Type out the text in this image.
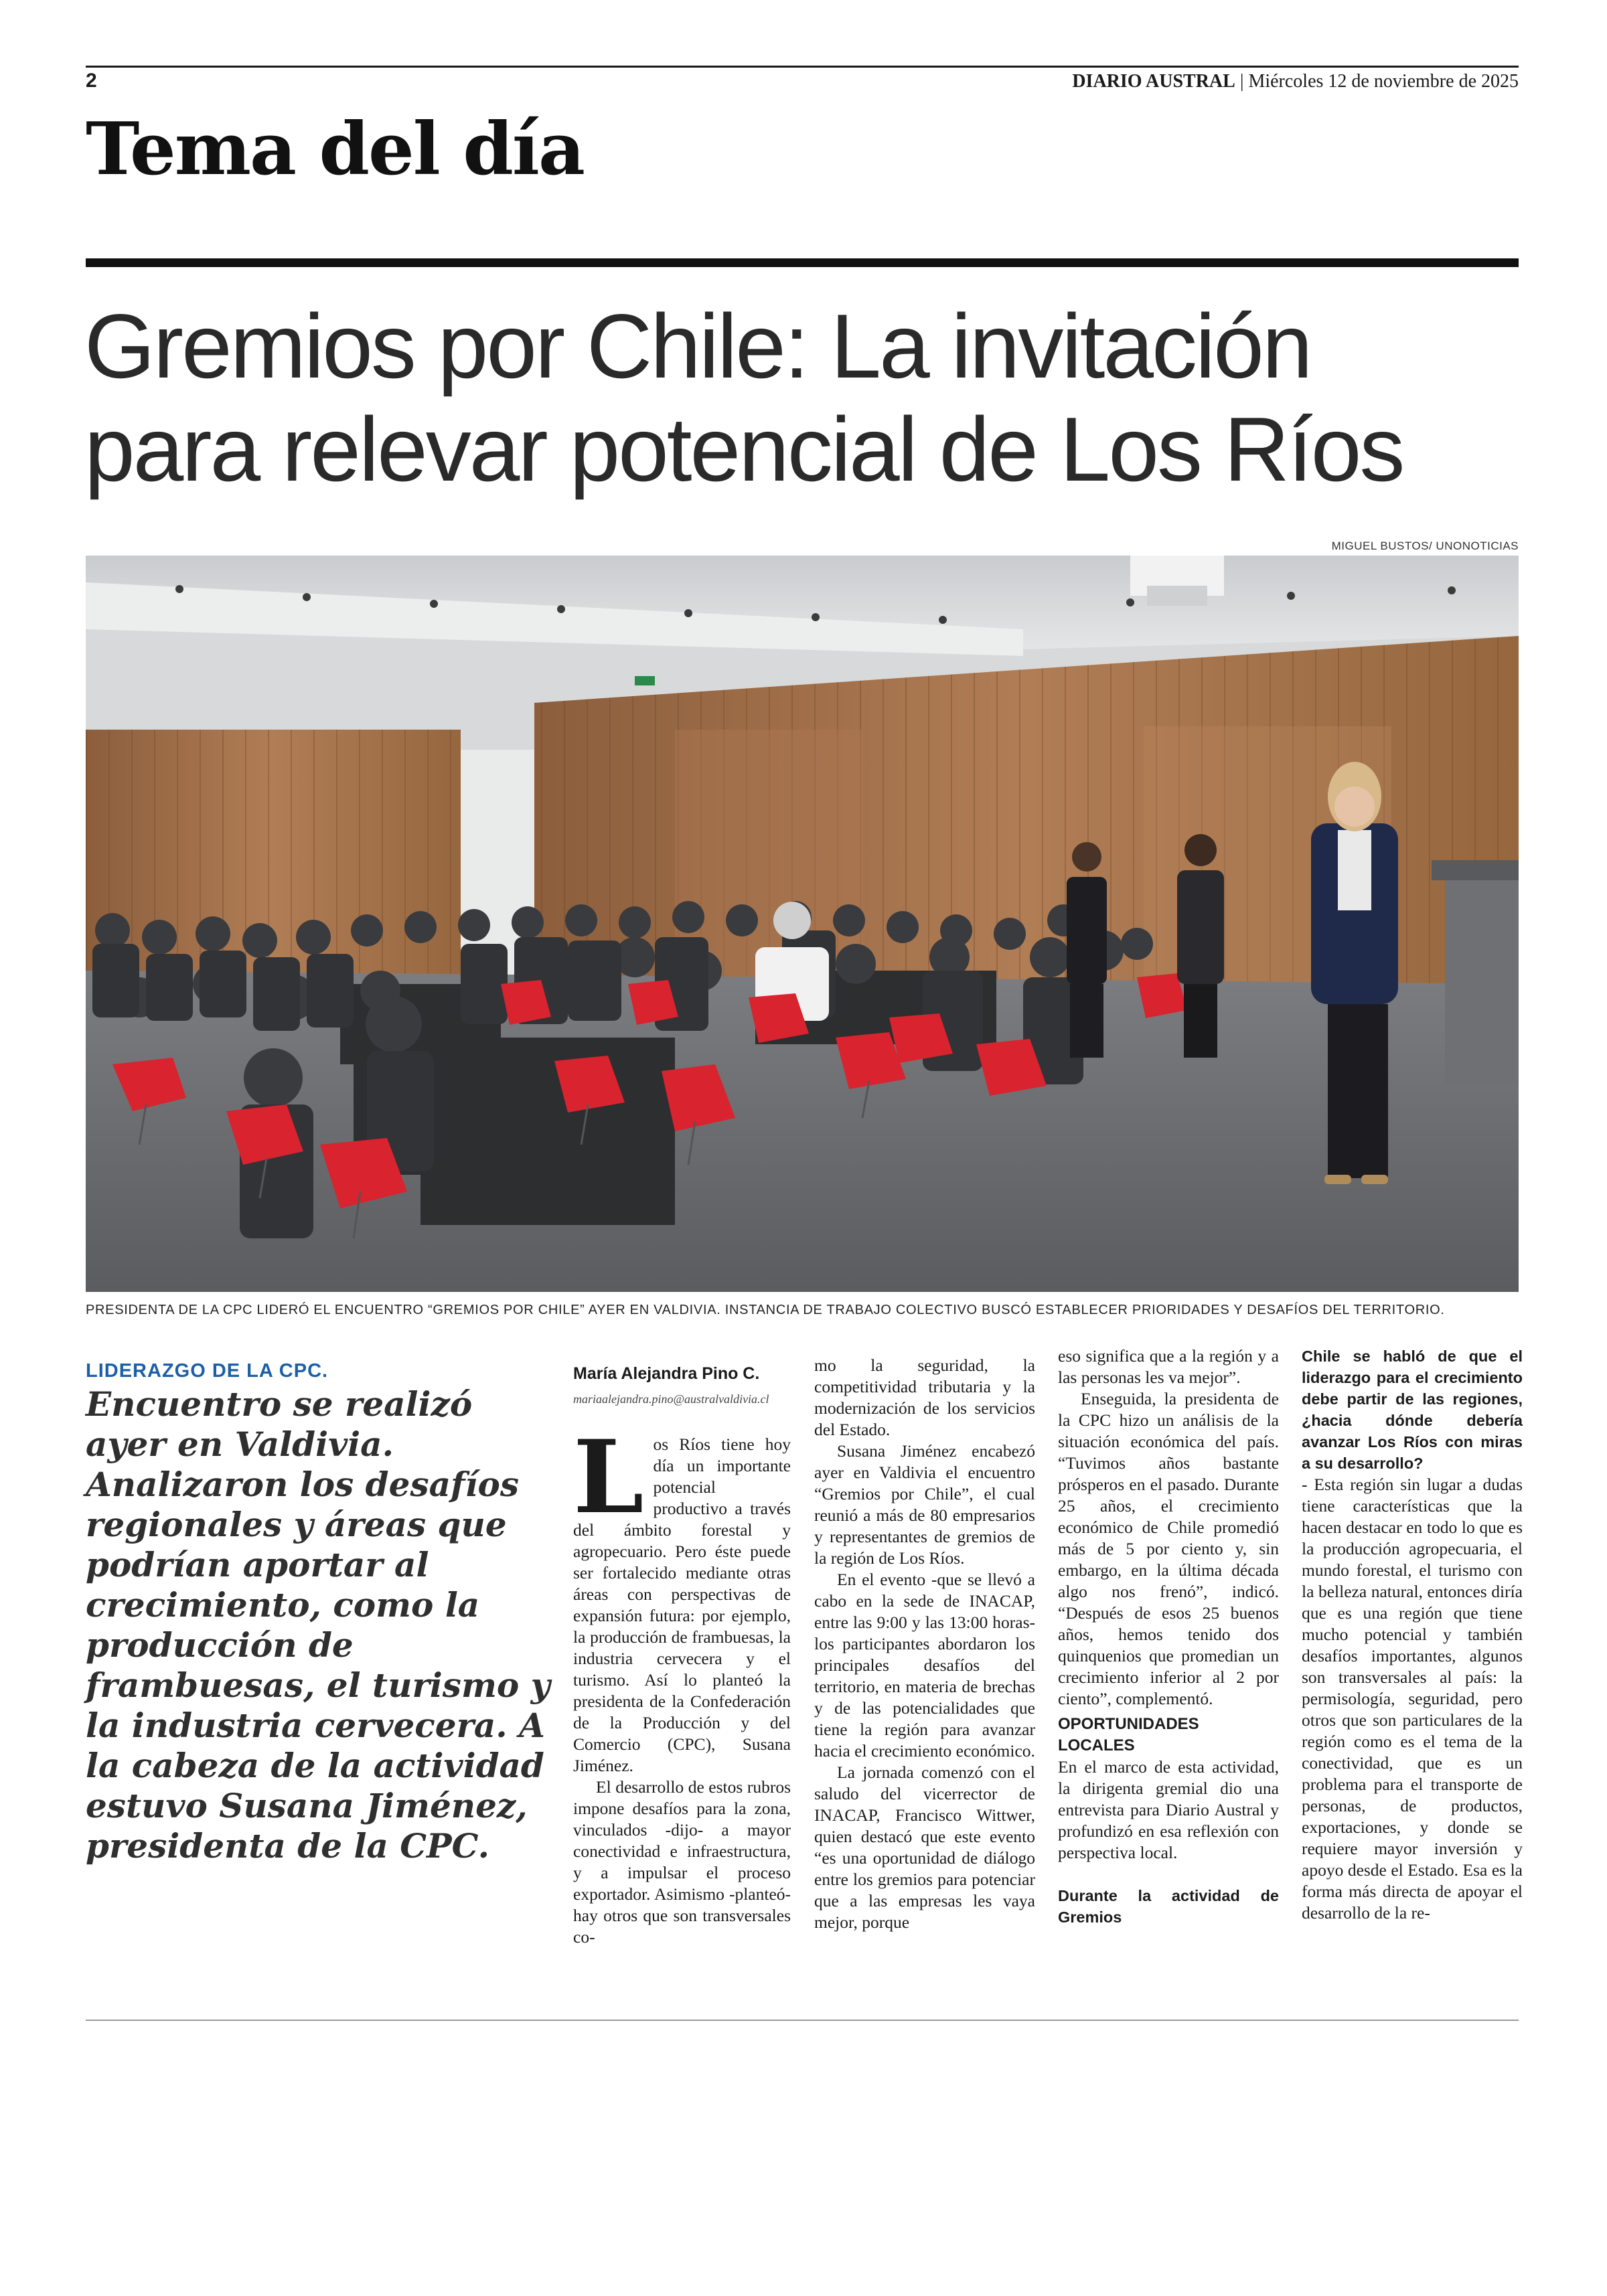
2	DIARIO AUSTRAL | Miércoles 12 de noviembre de 2025
Tema del día
Gremios por Chile: La invitación
para relevar potencial de Los Ríos
MIGUEL BUSTOS/ UNONOTICIAS
PRESIDENTA DE LA CPC LIDERÓ EL ENCUENTRO “GREMIOS POR CHILE” AYER EN VALDIVIA. INSTANCIA DE TRABAJO COLECTIVO BUSCÓ ESTABLECER PRIORIDADES Y DESAFÍOS DEL TERRITORIO.
LIDERAZGO DE LA CPC.
Encuentro se realizó ayer en Valdivia. Analizaron los desafíos regionales y áreas que podrían aportar al crecimiento, como la producción de frambuesas, el turismo y la industria cervecera. A la cabeza de la actividad estuvo Susana Jiménez, presidenta de la CPC.
María Alejandra Pino C.
mariaalejandra.pino@australvaldivia.cl
L os Ríos tiene hoy día un importante potencial productivo a través del ámbito forestal y agropecuario. Pero éste puede ser fortalecido mediante otras áreas con perspectivas de expansión futura: por ejemplo, la producción de frambuesas, la industria cervecera y el turismo. Así lo planteó la presidenta de la Confederación de la Producción y del Comercio (CPC), Susana Jiménez.

El desarrollo de estos rubros impone desafíos para la zona, vinculados -dijo- a mayor conectividad e infraestructura, y a impulsar el proceso exportador. Asimismo -planteó- hay otros que son transversales co-

mo la seguridad, la competitividad tributaria y la modernización de los servicios del Estado.

Susana Jiménez encabezó ayer en Valdivia el encuentro “Gremios por Chile”, el cual reunió a más de 80 empresarios y representantes de gremios de la región de Los Ríos.

En el evento -que se llevó a cabo en la sede de INACAP, entre las 9:00 y las 13:00 horas- los participantes abordaron los principales desafíos del territorio, en materia de brechas y de las potencialidades que tiene la región para avanzar hacia el crecimiento económico.

La jornada comenzó con el saludo del vicerrector de INACAP, Francisco Wittwer, quien destacó que este evento “es una oportunidad de diálogo entre los gremios para potenciar que a las empresas les vaya mejor, porque

eso significa que a la región y a las personas les va mejor”.

Enseguida, la presidenta de la CPC hizo un análisis de la situación económica del país. “Tuvimos años bastante prósperos en el pasado. Durante 25 años, el crecimiento económico de Chile promedió más de 5 por ciento y, sin embargo, en la última década algo nos frenó”, indicó. “Después de esos 25 buenos años, hemos tenido dos quinquenios que promedian un crecimiento inferior al 2 por ciento”, complementó.

OPORTUNIDADES LOCALES

En el marco de esta actividad, la dirigenta gremial dio una entrevista para Diario Austral y profundizó en esa reflexión con perspectiva local.

Durante la actividad de Gremios

Chile se habló de que el liderazgo para el crecimiento debe partir de las regiones, ¿hacia dónde debería avanzar Los Ríos con miras a su desarrollo?

- Esta región sin lugar a dudas tiene características que la hacen destacar en todo lo que es la producción agropecuaria, el mundo forestal, el turismo con la belleza natural, entonces diría que es una región que tiene mucho potencial y también desafíos importantes, algunos son transversales al país: la permisología, seguridad, pero otros que son particulares de la región como es el tema de la conectividad, que es un problema para el transporte de personas, de productos, exportaciones, y donde se requiere mayor inversión y apoyo desde el Estado. Esa es la forma más directa de apoyar el desarrollo de la re-
